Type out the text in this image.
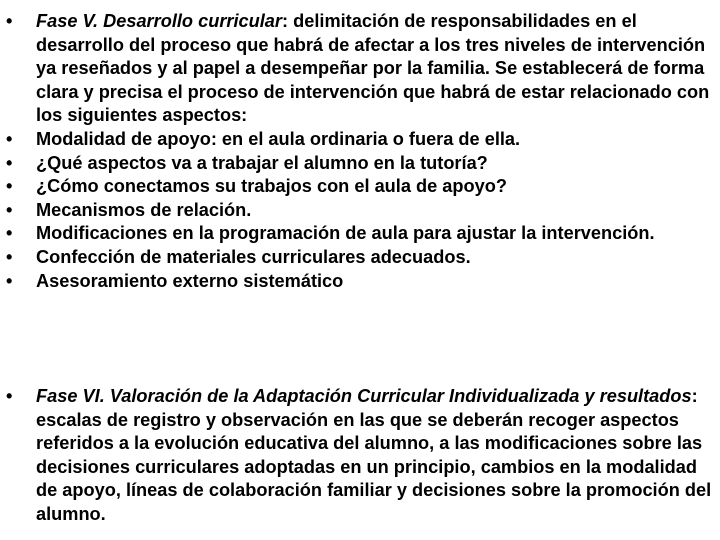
•	Fase V. Desarrollo curricular: delimitación de responsabilidades en el desarrollo del proceso que habrá de afectar a los tres niveles de intervención ya reseñados y al papel a desempeñar por la familia. Se establecerá de forma clara y precisa el proceso de intervención que habrá de estar relacionado con los siguientes aspectos:
•	Modalidad de apoyo: en el aula ordinaria o fuera de ella.
•	¿Qué aspectos va a trabajar el alumno en la tutoría?
•	¿Cómo conectamos su trabajos con el aula de apoyo?
•	Mecanismos de relación.
•	Modificaciones en la programación de aula para ajustar la intervención.
•	Confección de materiales curriculares adecuados.
•	Asesoramiento externo sistemático
•	Fase VI. Valoración de la Adaptación Curricular Individualizada y resultados: escalas de registro y observación en las que se deberán recoger aspectos referidos a la evolución educativa del alumno, a las modificaciones sobre las decisiones curriculares adoptadas en un principio, cambios en la modalidad de apoyo, líneas de colaboración familiar y decisiones sobre la promoción del alumno.
